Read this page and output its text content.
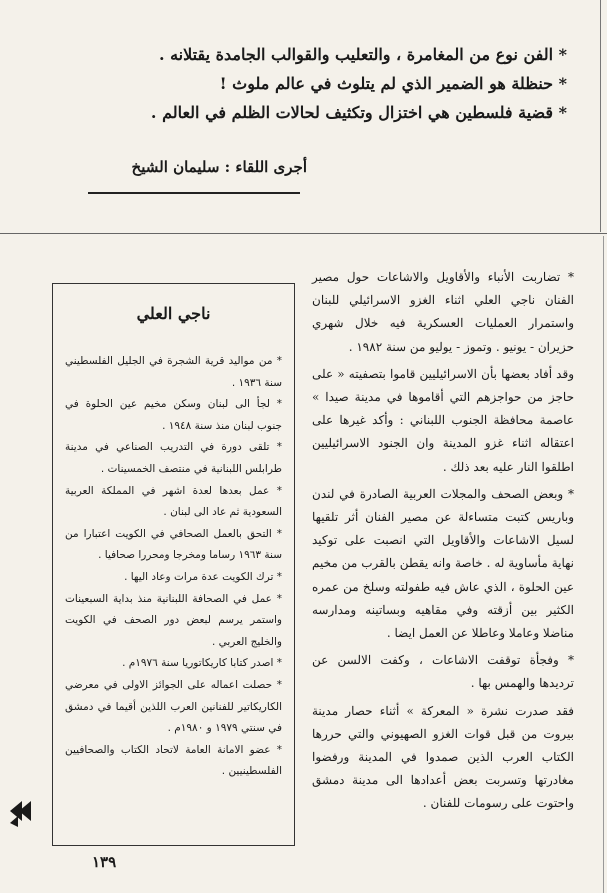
* الفن نوع من المغامرة ، والتعليب والقوالب الجامدة يقتلانه .
* حنظلة هو الضمير الذي لم يتلوث في عالم ملوث !
* قضية فلسطين هي اختزال وتكثيف لحالات الظلم في العالم .
أجرى اللقاء : سليمان الشيخ

* تضاربت الأنباء والأقاويل والاشاعات حول مصير الفنان ناجي العلي اثناء الغزو الاسرائيلي للبنان واستمرار العمليات العسكرية فيه خلال شهري حزيران - يونيو . وتموز - يوليو من سنة ١٩٨٢ .

وقد أفاد بعضها بأن الاسرائيليين قاموا بتصفيته « على حاجز من حواجزهم التي أقاموها في مدينة صيدا » عاصمة محافظة الجنوب اللبناني : وأكد غيرها على اعتقاله اثناء غزو المدينة وان الجنود الاسرائيليين اطلقوا النار عليه بعد ذلك .

* وبعض الصحف والمجلات العربية الصادرة في لندن وباريس كتبت متساءلة عن مصير الفنان أثر تلقيها لسيل الاشاعات والأقاويل التي انصبت على توكيد نهاية مأساوية له . خاصة وانه يقطن بالقرب من مخيم عين الحلوة ، الذي عاش فيه طفولته وسلخ من عمره الكثير بين أزقته وفي مقاهيه وبساتينه ومدارسه مناضلا وعاملا وعاطلا عن العمل ايضا .

* وفجأة توقفت الاشاعات ، وكفت الالسن عن ترديدها والهمس بها .

فقد صدرت نشرة « المعركة » أثناء حصار مدينة بيروت من قبل قوات الغزو الصهيوني والتي حررها الكتاب العرب الذين صمدوا في المدينة ورفضوا مغادرتها وتسربت بعض أعدادها الى مدينة دمشق واحتوت على رسومات للفنان .

ناجي العلي

* من مواليد قرية الشجرة في الجليل الفلسطيني سنة ١٩٣٦ .

* لجأ الى لبنان وسكن مخيم عين الحلوة في جنوب لبنان منذ سنة ١٩٤٨ .

* تلقى دورة في التدريب الصناعي في مدينة طرابلس اللبنانية في منتصف الخمسينات .

* عمل بعدها لعدة اشهر في المملكة العربية السعودية ثم عاد الى لبنان .

* التحق بالعمل الصحافي في الكويت اعتبارا من سنة ١٩٦٣ رساما ومخرجا ومحررا صحافيا .

* ترك الكويت عدة مرات وعاد اليها .

* عمل في الصحافة اللبنانية منذ بداية السبعينات واستمر يرسم لبعض دور الصحف في الكويت والخليج العربي .

* اصدر كتابا كاريكاتوريا سنة ١٩٧٦م .

* حصلت اعماله على الجوائز الاولى في معرضي الكاريكاتير للفنانين العرب اللذين أقيما في دمشق في سنتي ١٩٧٩ و ١٩٨٠م .

* عضو الامانة العامة لاتحاد الكتاب والصحافيين الفلسطينيين .

١٣٩
